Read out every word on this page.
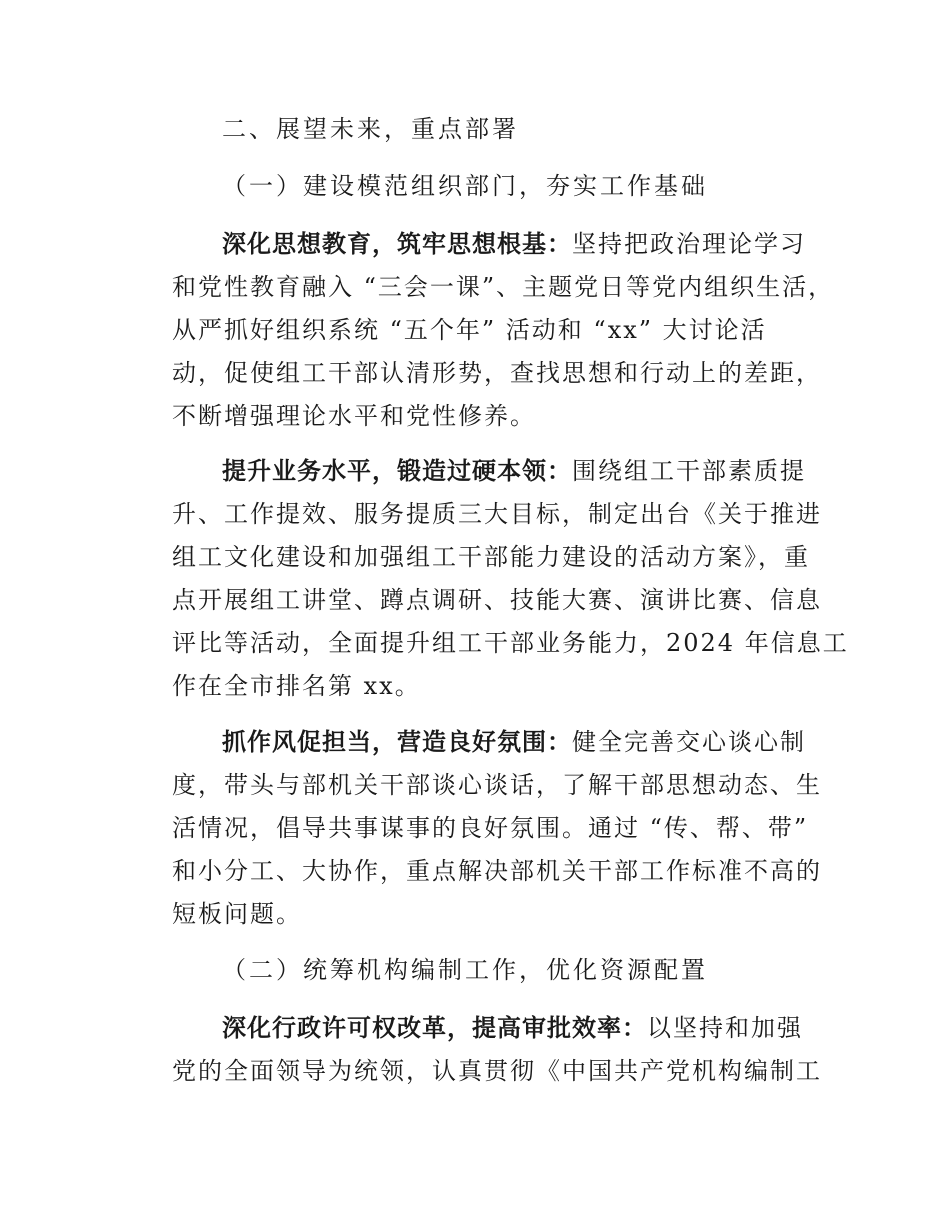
二、展望未来，重点部署
（一）建设模范组织部门，夯实工作基础
深化思想教育，筑牢思想根基：坚持把政治理论学习
和党性教育融入 “三会一课”、主题党日等党内组织生活，
从严抓好组织系统 “五个年” 活动和 “xx” 大讨论活
动，促使组工干部认清形势，查找思想和行动上的差距，
不断增强理论水平和党性修养。
提升业务水平，锻造过硬本领：围绕组工干部素质提
升、工作提效、服务提质三大目标，制定出台《关于推进
组工文化建设和加强组工干部能力建设的活动方案》，重
点开展组工讲堂、蹲点调研、技能大赛、演讲比赛、信息
评比等活动，全面提升组工干部业务能力，2024 年信息工
作在全市排名第 xx。
抓作风促担当，营造良好氛围：健全完善交心谈心制
度，带头与部机关干部谈心谈话，了解干部思想动态、生
活情况，倡导共事谋事的良好氛围。通过 “传、帮、带”
和小分工、大协作，重点解决部机关干部工作标准不高的
短板问题。
（二）统筹机构编制工作，优化资源配置
深化行政许可权改革，提高审批效率：以坚持和加强
党的全面领导为统领，认真贯彻《中国共产党机构编制工
